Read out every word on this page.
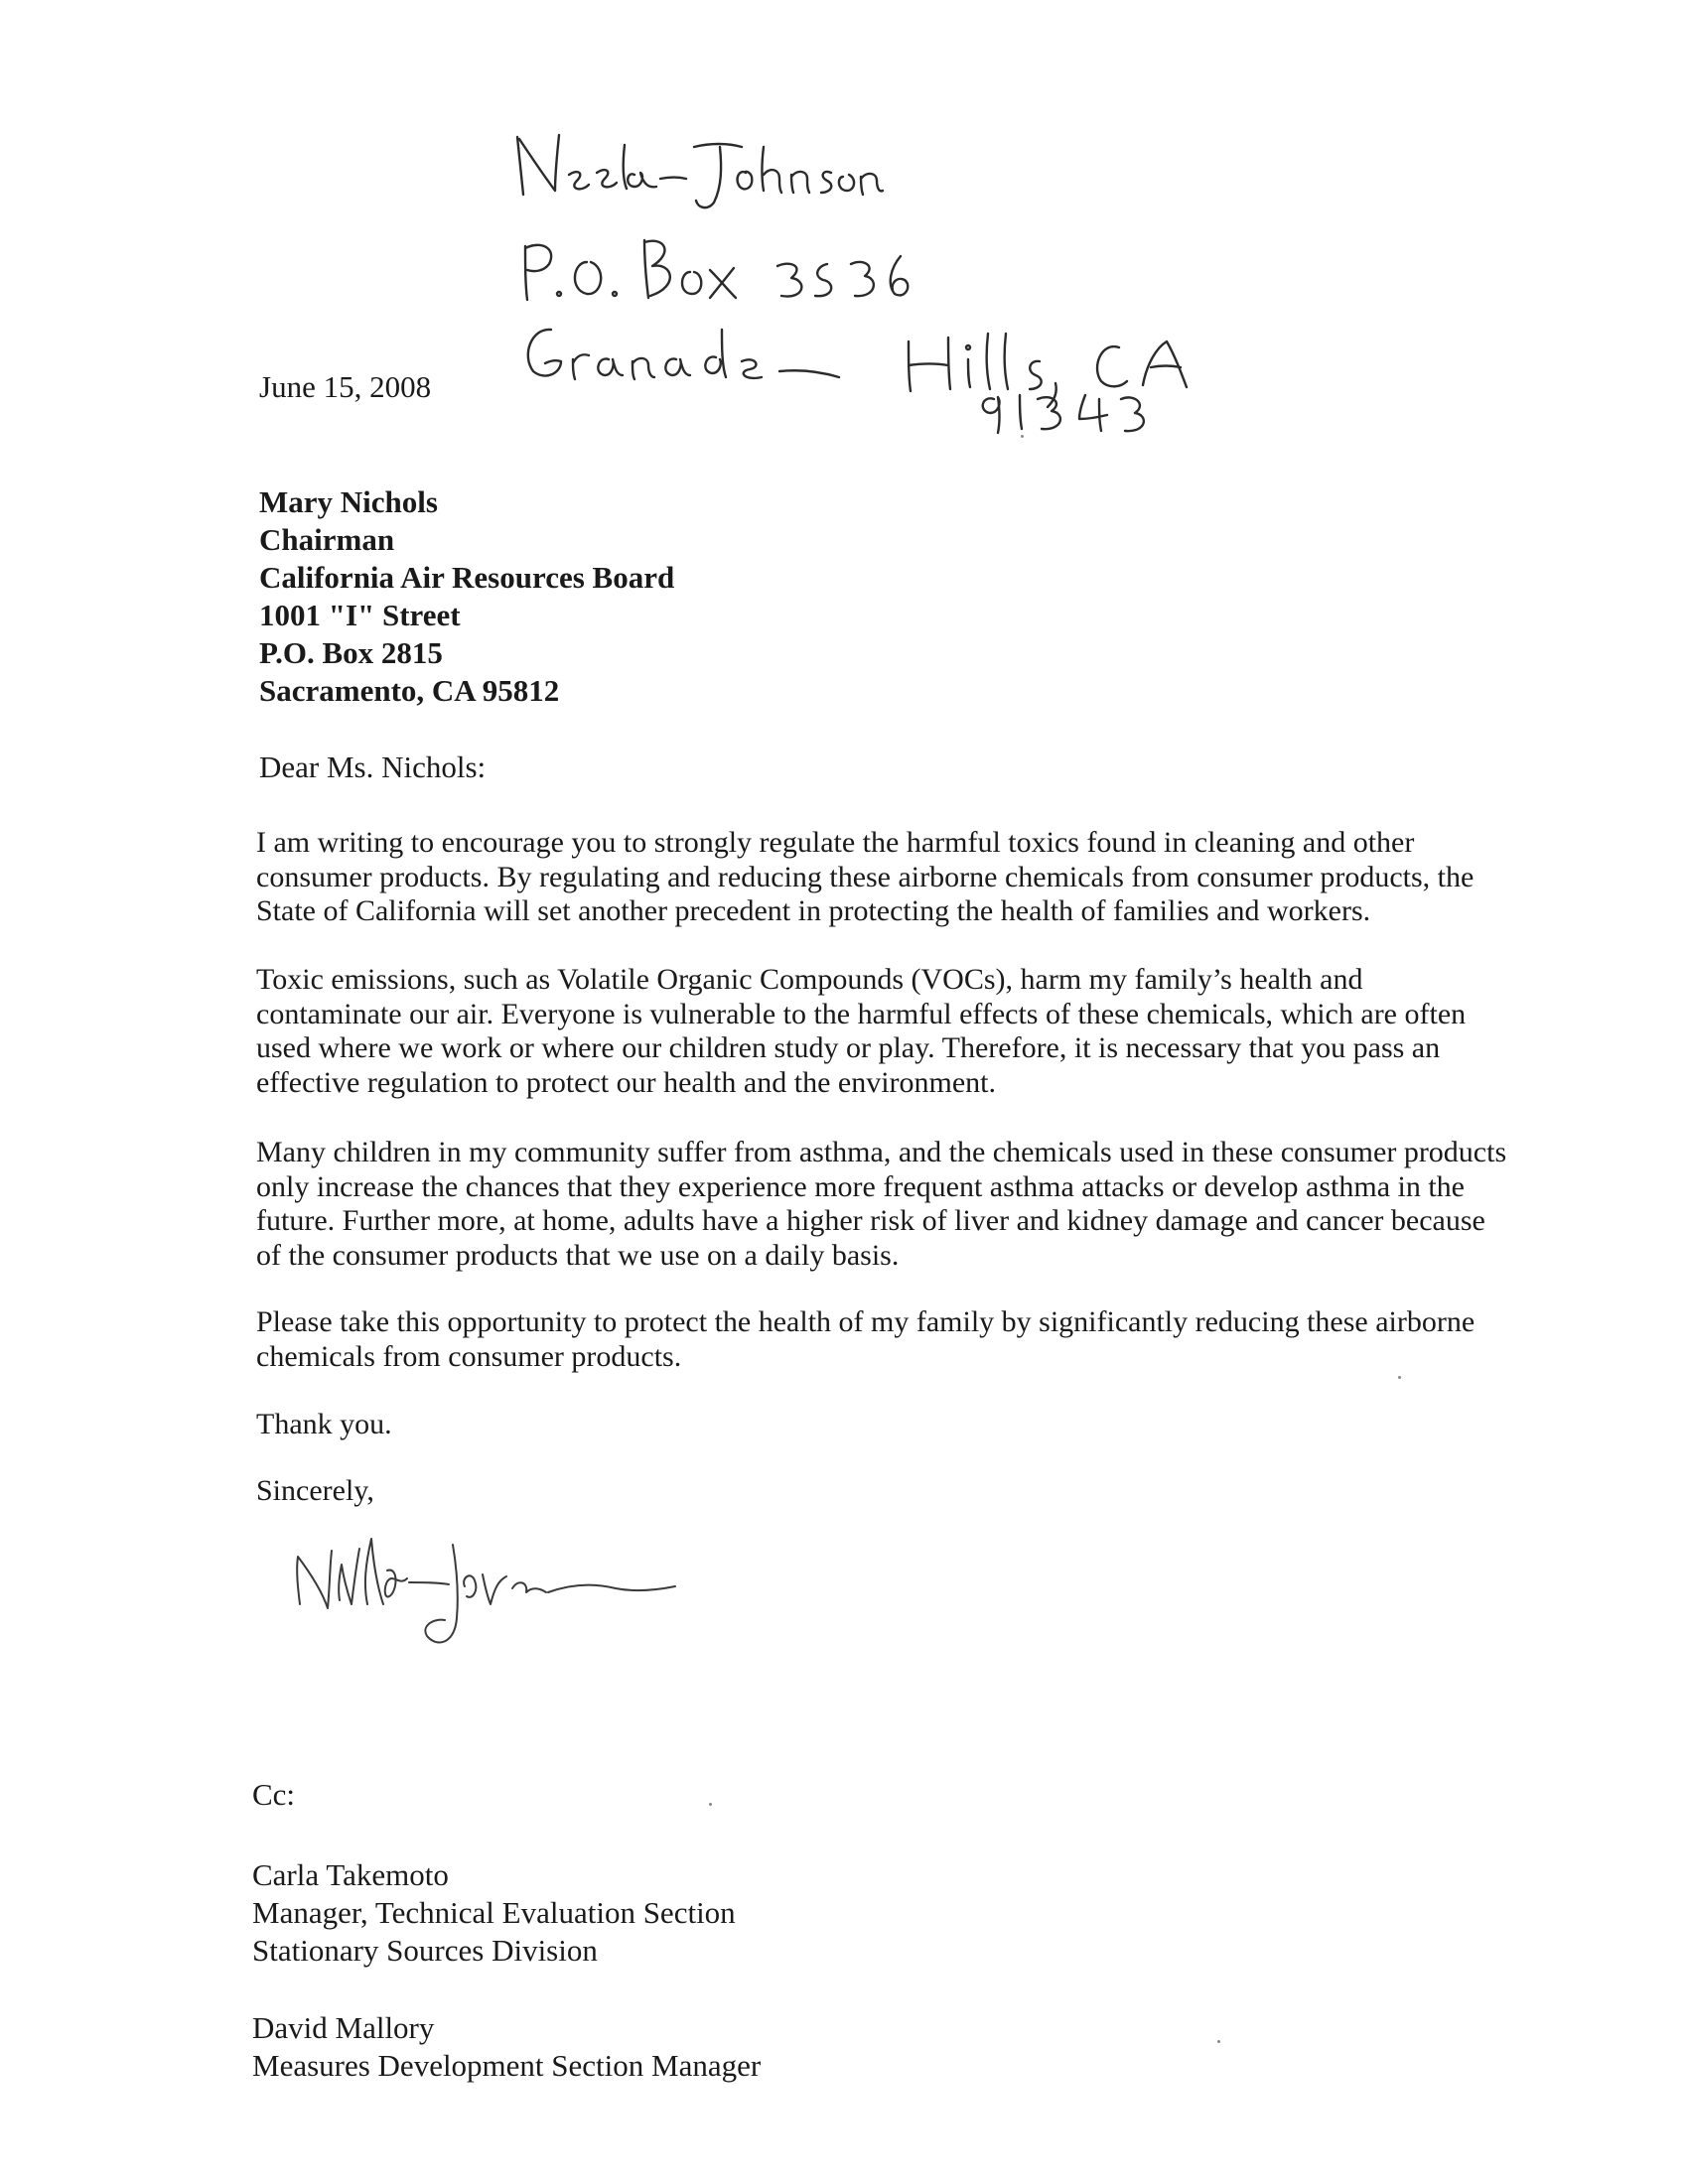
June 15, 2008
Mary Nichols
Chairman
California Air Resources Board
1001 "I" Street
P.O. Box 2815
Sacramento, CA 95812
Dear Ms. Nichols:

I am writing to encourage you to strongly regulate the harmful toxics found in cleaning and other consumer products. By regulating and reducing these airborne chemicals from consumer products, the State of California will set another precedent in protecting the health of families and workers.

Toxic emissions, such as Volatile Organic Compounds (VOCs), harm my family’s health and contaminate our air. Everyone is vulnerable to the harmful effects of these chemicals, which are often used where we work or where our children study or play. Therefore, it is necessary that you pass an effective regulation to protect our health and the environment.

Many children in my community suffer from asthma, and the chemicals used in these consumer products only increase the chances that they experience more frequent asthma attacks or develop asthma in the future. Further more, at home, adults have a higher risk of liver and kidney damage and cancer because of the consumer products that we use on a daily basis.

Please take this opportunity to protect the health of my family by significantly reducing these airborne chemicals from consumer products.

Thank you.
Sincerely,
Cc:
Carla Takemoto
Manager, Technical Evaluation Section
Stationary Sources Division
David Mallory
Measures Development Section Manager
